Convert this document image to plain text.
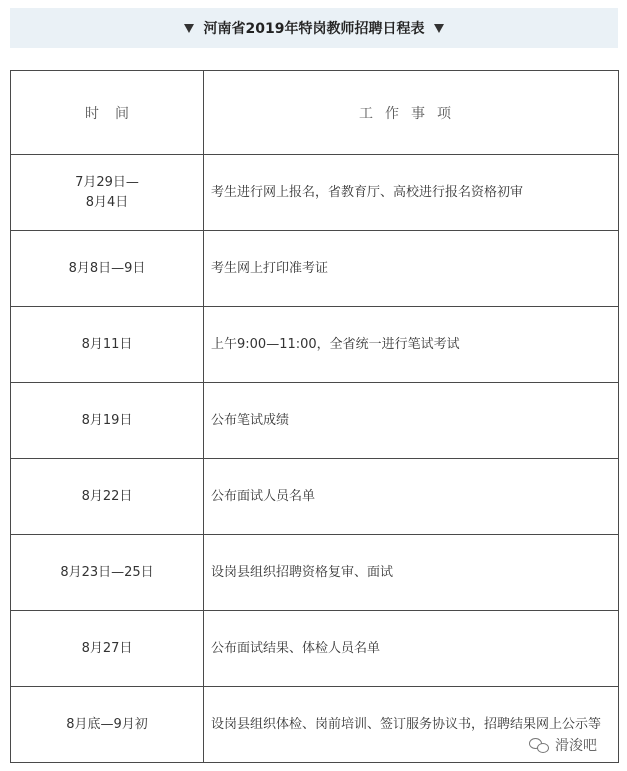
河南省2019年特岗教师招聘日程表
时间	工作事项
7月29日—
8月4日	考生进行网上报名，省教育厅、高校进行报名资格初审
8月8日—9日	考生网上打印准考证
8月11日	上午9:00—11:00，全省统一进行笔试考试
8月19日	公布笔试成绩
8月22日	公布面试人员名单
8月23日—25日	设岗县组织招聘资格复审、面试
8月27日	公布面试结果、体检人员名单
8月底—9月初	设岗县组织体检、岗前培训、签订服务协议书，招聘结果网上公示等
滑浚吧
